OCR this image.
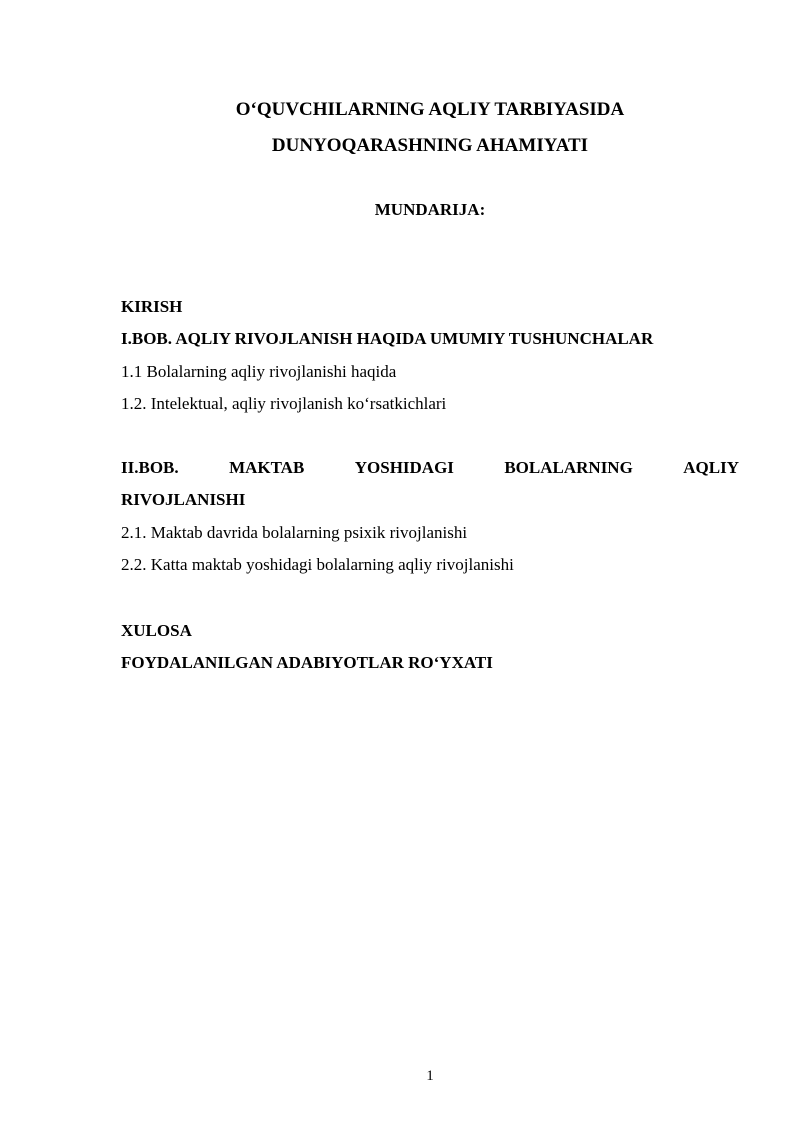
O‘QUVCHILARNING AQLIY TARBIYASIDA
DUNYOQARASHNING AHAMIYATI
MUNDARIJA:
KIRISH
I.BOB. AQLIY RIVOJLANISH HAQIDA UMUMIY TUSHUNCHALAR
1.1 Bolalarning aqliy rivojlanishi haqida
1.2. Intelektual, aqliy rivojlanish ko‘rsatkichlari
II.BOB.	MAKTAB	YOSHIDAGI	BOLALARNING	AQLIY
RIVOJLANISHI
2.1. Maktab davrida bolalarning psixik rivojlanishi
2.2. Katta maktab yoshidagi bolalarning aqliy rivojlanishi
XULOSA
FOYDALANILGAN ADABIYOTLAR RO‘YXATI
1
